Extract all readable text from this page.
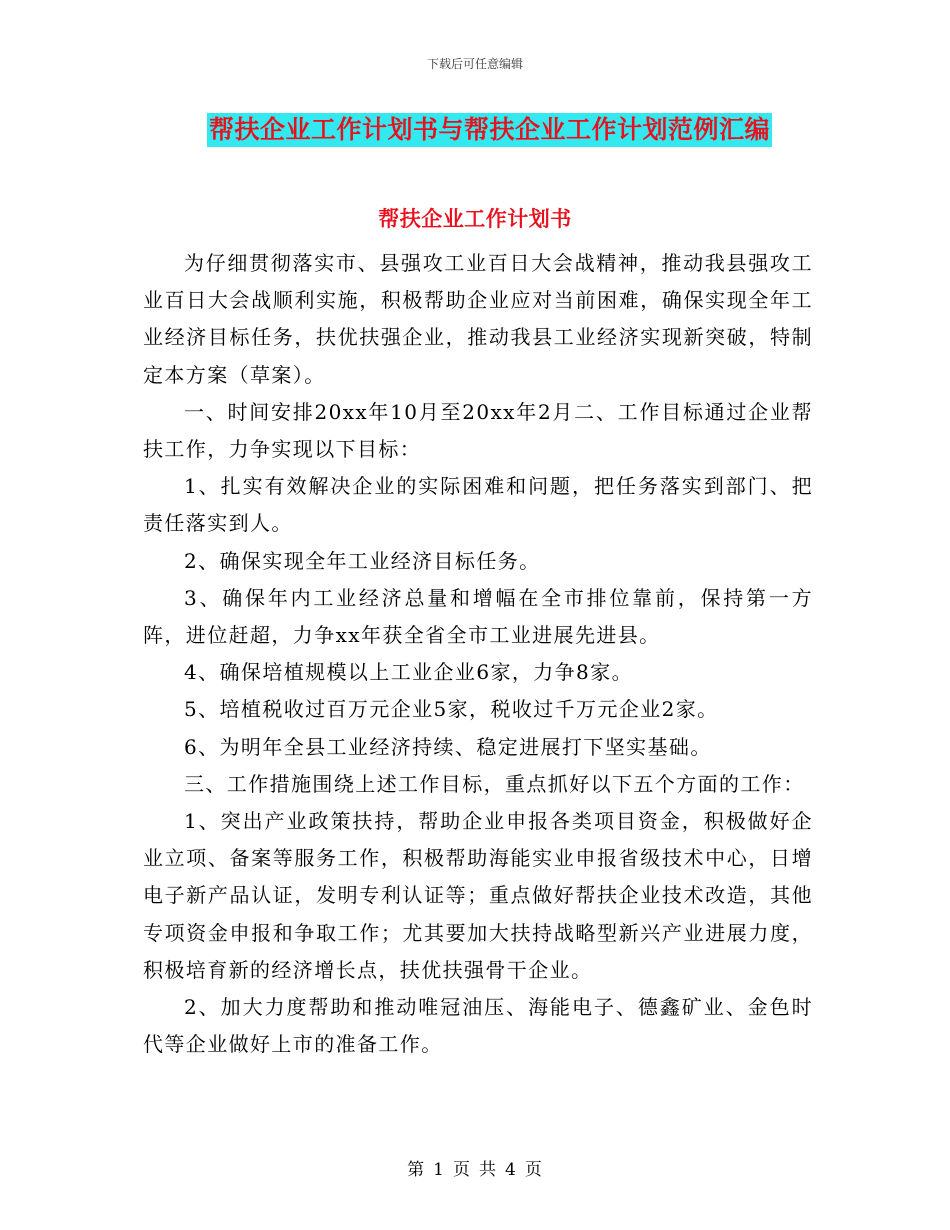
下载后可任意编辑
帮扶企业工作计划书与帮扶企业工作计划范例汇编
帮扶企业工作计划书

为仔细贯彻落实市、县强攻工业百日大会战精神，推动我县强攻工业百日大会战顺利实施，积极帮助企业应对当前困难，确保实现全年工业经济目标任务，扶优扶强企业，推动我县工业经济实现新突破，特制定本方案（草案）。

一、时间安排20xx年10月至20xx年2月二、工作目标通过企业帮扶工作，力争实现以下目标：

1、扎实有效解决企业的实际困难和问题，把任务落实到部门、把责任落实到人。

2、确保实现全年工业经济目标任务。

3、确保年内工业经济总量和增幅在全市排位靠前，保持第一方阵，进位赶超，力争xx年获全省全市工业进展先进县。

4、确保培植规模以上工业企业6家，力争8家。

5、培植税收过百万元企业5家，税收过千万元企业2家。

6、为明年全县工业经济持续、稳定进展打下坚实基础。

三、工作措施围绕上述工作目标，重点抓好以下五个方面的工作：

1、突出产业政策扶持，帮助企业申报各类项目资金，积极做好企业立项、备案等服务工作，积极帮助海能实业申报省级技术中心，日增电子新产品认证，发明专利认证等；重点做好帮扶企业技术改造，其他专项资金申报和争取工作；尤其要加大扶持战略型新兴产业进展力度，积极培育新的经济增长点，扶优扶强骨干企业。

2、加大力度帮助和推动唯冠油压、海能电子、德鑫矿业、金色时代等企业做好上市的准备工作。

第 1 页 共 4 页
